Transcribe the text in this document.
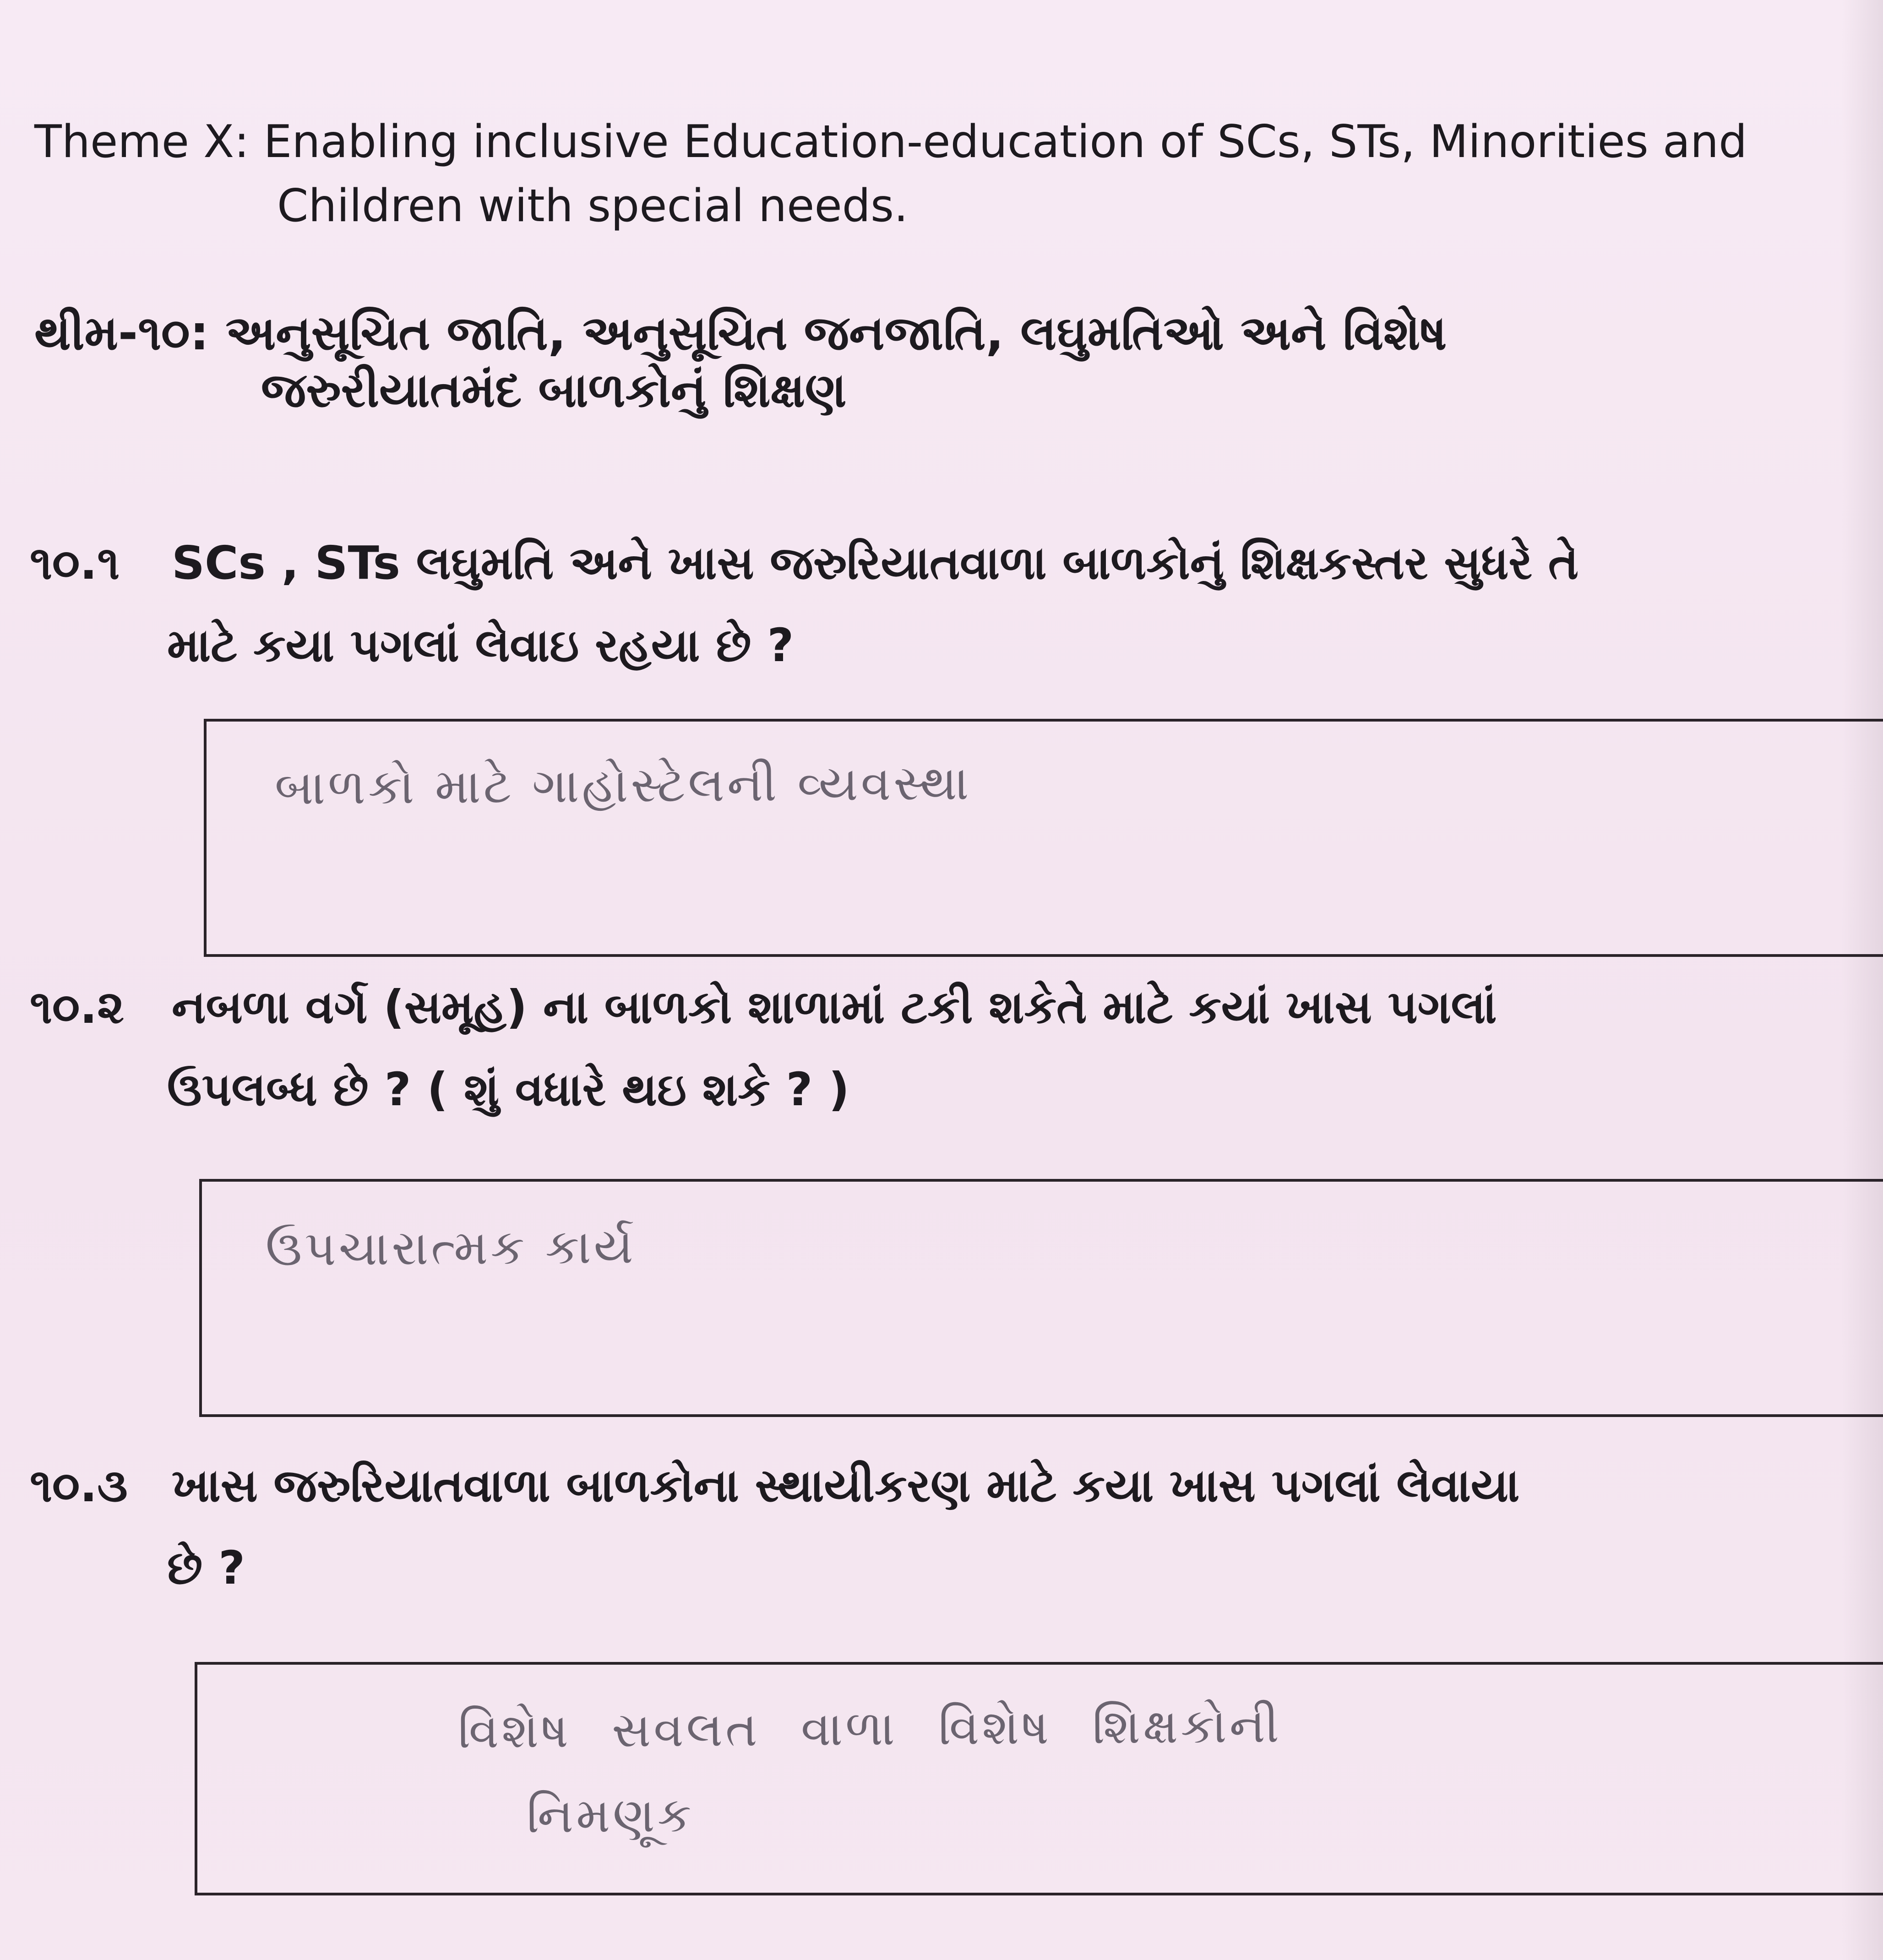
Theme X: Enabling inclusive Education-education of SCs, STs, Minorities and
Children with special needs.
થીમ-૧૦: અનુસૂચિત જાતિ, અનુસૂચિત જનજાતિ, લઘુમતિઓ અને વિશેષ
જરુરીયાતમંદ બાળકોનું શિક્ષણ
૧૦.૧ SCs , STs લઘુમતિ અને ખાસ જરુરિયાતવાળા બાળકોનું શિક્ષકસ્તર સુધરે તે
માટે કયા પગલાં લેવાઇ રહયા છે ?
બાળકો માટે ગાહોસ્ટેલની વ્યવસ્થા
૧૦.૨ નબળા વર્ગ (સમૂહ) ના બાળકો શાળામાં ટકી શકેતે માટે કયાં ખાસ પગલાં
ઉપલબ્ધ છે ? ( શું વધારે થઇ શકે ? )
ઉપચારાત્મક કાર્ય
૧૦.૩ ખાસ જરુરિયાતવાળા બાળકોના સ્થાયીકરણ માટે કયા ખાસ પગલાં લેવાયા
છે ?
વિશેષ સવલત વાળા વિશેષ શિક્ષકોની
નિમણૂક
